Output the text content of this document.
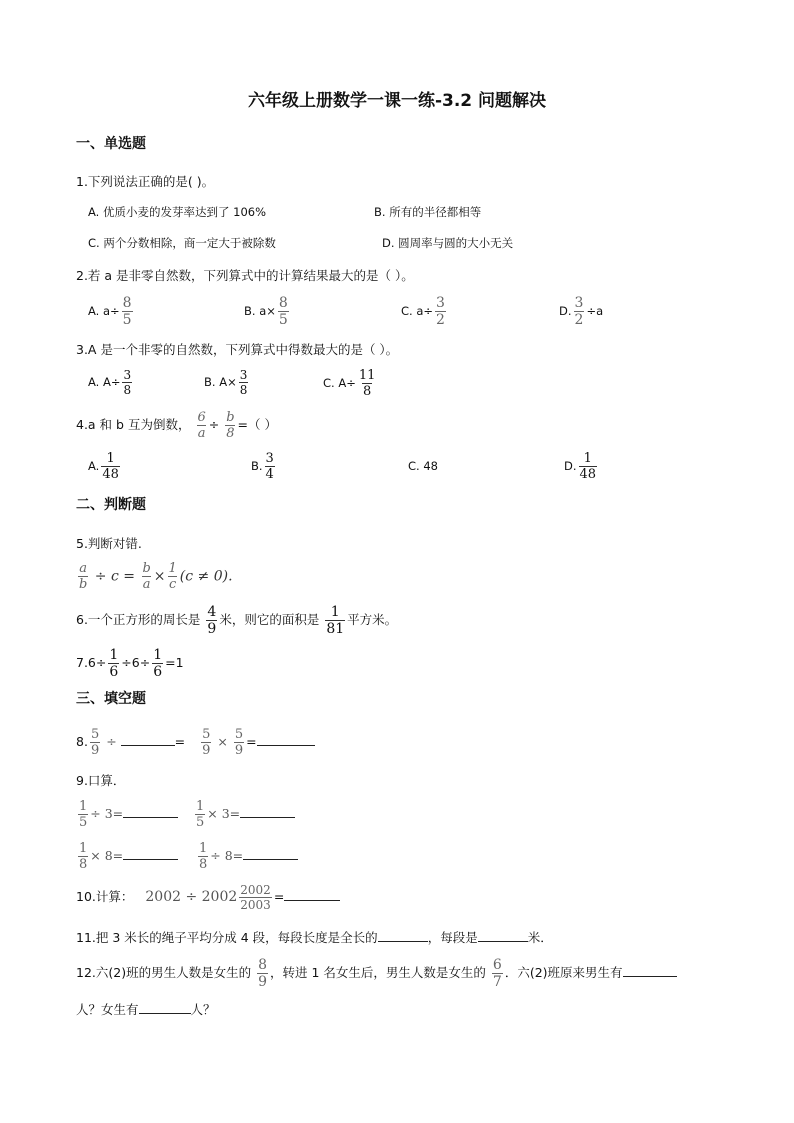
六年级上册数学一课一练-3.2 问题解决
一、单选题
1.下列说法正确的是( )。
A. 优质小麦的发芽率达到了 106%	B. 所有的半径都相等
C. 两个分数相除，商一定大于被除数	D. 圆周率与圆的大小无关
2.若 a 是非零自然数，下列算式中的计算结果最大的是（ ）。
A. $a\div \frac{8}{5}$	B. $a\times \frac{8}{5}$	C. $a\div \frac{3}{2}$	D. $\frac{3}{2} \div a$
3.A 是一个非零的自然数，下列算式中得数最大的是（ ）。
A. $A\div \frac{3}{8}$	B. $A\times \frac{3}{8}$	C. $A\div \frac{11}{8}$
4.a 和 b 互为倒数， $\frac{6}{a} \div \frac{b}{8}$ =（ ）
A. $\frac{1}{48}$	B. $\frac{3}{4}$	C. 48	D. $\frac{1}{48}$
二、判断题
5.判断对错.
$\frac{a}{b} \div c = \frac{b}{a} \times \frac{1}{c} (c \ne 0)$.
6.一个正方形的周长是 $\frac{4}{9}$ 米，则它的面积是 $\frac{1}{81}$ 平方米。
$7.6\div \frac{1}{6} \div 6\div \frac{1}{6} =1$
三、填空题
8. $\frac{5}{9}$ ÷	= $\frac{5}{9} \times \frac{5}{9}$ =
9.口算．
$\frac{1}{5} \div 3=$	$\frac{1}{5} \times 3=$
$\frac{1}{8} \times 8=$	$\frac{1}{8} \div 8=$
10.计算： $2002 \div 2002 \frac{2002}{2003}$ =
11.把 3 米长的绳子平均分成 4 段，每段长度是全长的	，每段是	米．
12.六(2)班的男生人数是女生的 $\frac{8}{9}$ ，转进 1 名女生后，男生人数是女生的 $\frac{6}{7}$ ．六(2)班原来男生有
人？女生有	人？
